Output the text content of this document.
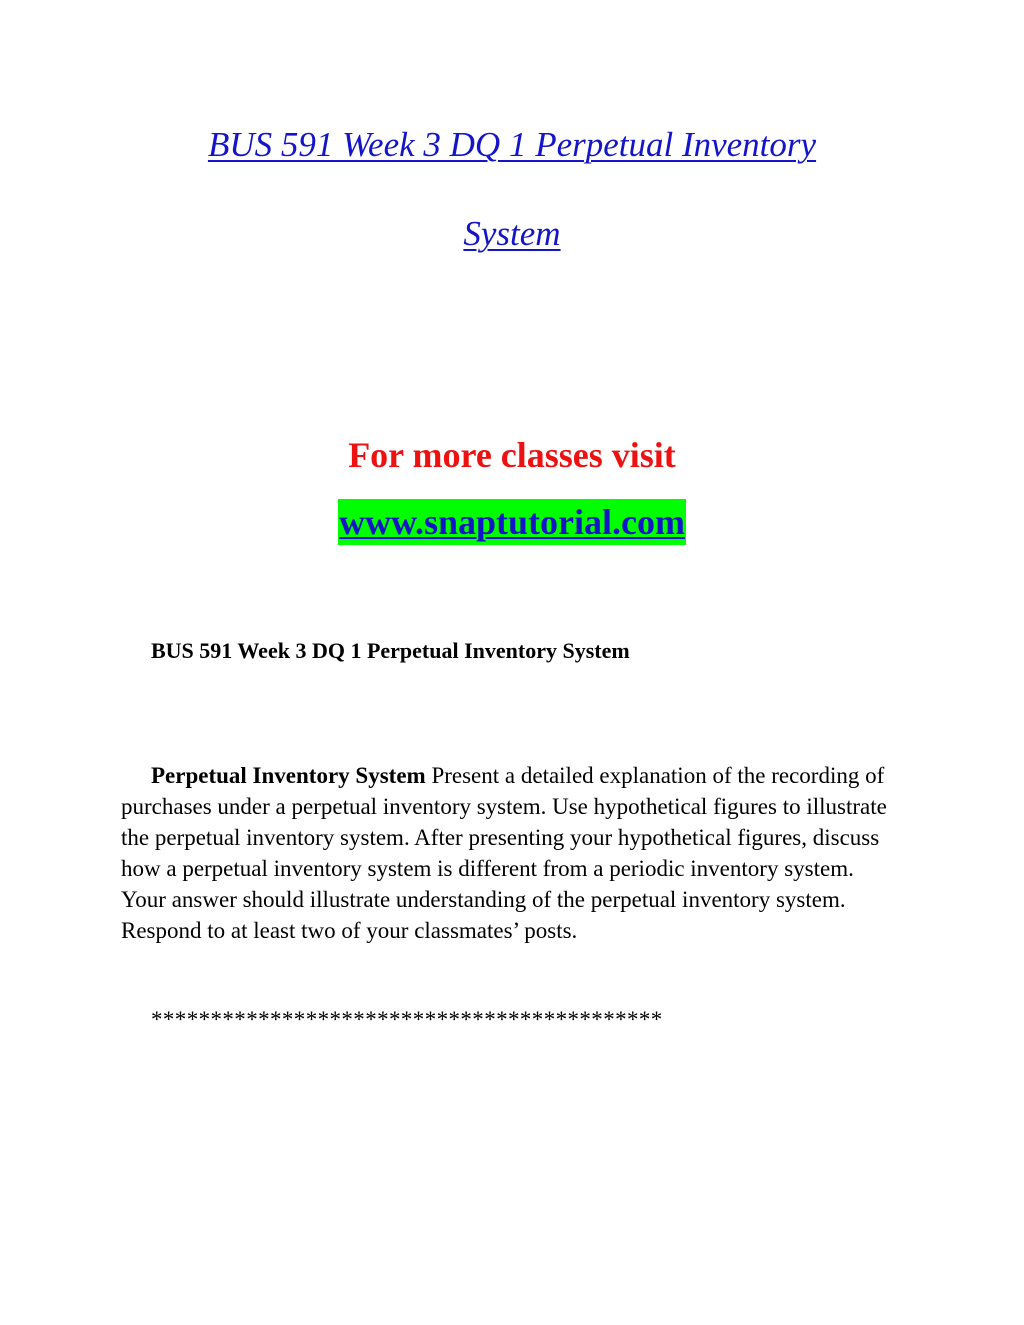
BUS 591 Week 3 DQ 1 Perpetual Inventory
System
For more classes visit
www.snaptutorial.com
BUS 591 Week 3 DQ 1 Perpetual Inventory System

Perpetual Inventory System Present a detailed explanation of the recording of purchases under a perpetual inventory system. Use hypothetical figures to illustrate the perpetual inventory system. After presenting your hypothetical figures, discuss how a perpetual inventory system is different from a periodic inventory system. Your answer should illustrate understanding of the perpetual inventory system. Respond to at least two of your classmates’ posts.

*******************************************
